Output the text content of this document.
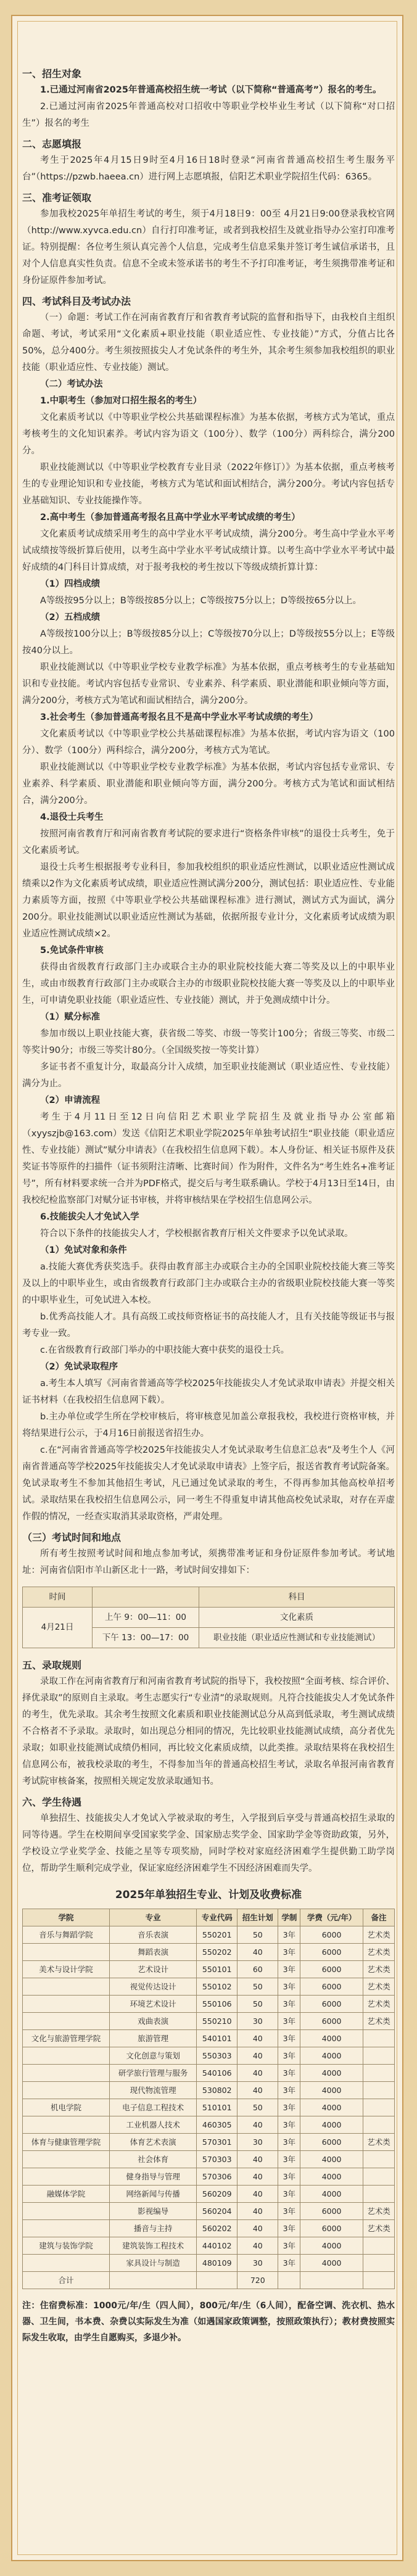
一、招生对象

1.已通过河南省2025年普通高校招生统一考试（以下简称“普通高考”）报名的考生。

2.已通过河南省2025年普通高校对口招收中等职业学校毕业生考试（以下简称“对口招生”）报名的考生

二、志愿填报

考生于2025年4月15日9时至4月16日18时登录“河南省普通高校招生考生服务平台”（https://pzwb.haeea.cn）进行网上志愿填报，信阳艺术职业学院招生代码：6365。

三、准考证领取

参加我校2025年单招生考试的考生，须于4月18日9：00至 4月21日9:00登录我校官网（http://www.xyvca.edu.cn）自行打印准考证，或者到我校招生及就业指导办公室打印准考证。特别提醒：各位考生须认真完善个人信息，完成考生信息采集并签订考生诚信承诺书，且对个人信息真实性负责。信息不全或未签承诺书的考生不予打印准考证，考生须携带准考证和身份证原件参加考试。

四、考试科目及考试办法

（一）命题：考试工作在河南省教育厅和省教育考试院的监督和指导下，由我校自主组织命题、考试，考试采用“文化素质+职业技能（职业适应性、专业技能）”方式，分值占比各50%，总分400分。考生须按照拔尖人才免试条件的考生外，其余考生须参加我校组织的职业技能（职业适应性、专业技能）测试。

（二）考试办法

1.中职考生（参加对口招生报名的考生）

文化素质考试以《中等职业学校公共基础课程标准》为基本依据，考核方式为笔试，重点考核考生的文化知识素养。考试内容为语文（100分）、数学（100分）两科综合，满分200分。

职业技能测试以《中等职业学校教育专业目录（2022年修订）》为基本依据，重点考核考生的专业理论知识和专业技能，考核方式为笔试和面试相结合，满分200分。考试内容包括专业基础知识、专业技能操作等。

2.高中考生（参加普通高考报名且高中学业水平考试成绩的考生）

文化素质考试成绩采用考生的高中学业水平考试成绩，满分200分。考生高中学业水平考试成绩按等级折算后使用，以考生高中学业水平考试成绩计算。以考生高中学业水平考试中最好成绩的4门科目计算成绩，对于报考我校的考生按以下等级成绩折算计算：

（1）四档成绩

A等级按95分以上；B等级按85分以上；C等级按75分以上；D等级按65分以上。

（2）五档成绩

A等级按100分以上；B等级按85分以上；C等级按70分以上；D等级按55分以上；E等级按40分以上。

职业技能测试以《中等职业学校专业教学标准》为基本依据，重点考核考生的专业基础知识和专业技能。考试内容包括专业常识、专业素养、科学素质、职业潜能和职业倾向等方面，满分200分，考核方式为笔试和面试相结合，满分200分。

3.社会考生（参加普通高考报名且不是高中学业水平考试成绩的考生）

文化素质考试以《中等职业学校公共基础课程标准》为基本依据，考试内容为语文（100分）、数学（100分）两科综合，满分200分，考核方式为笔试。

职业技能测试以《中等职业学校专业教学标准》为基本依据，考试内容包括专业常识、专业素养、科学素质、职业潜能和职业倾向等方面，满分200分。考核方式为笔试和面试相结合，满分200分。

4.退役士兵考生

按照河南省教育厅和河南省教育考试院的要求进行“资格条件审核”的退役士兵考生，免于文化素质考试。

退役士兵考生根据报考专业科目，参加我校组织的职业适应性测试，以职业适应性测试成绩乘以2作为文化素质考试成绩，职业适应性测试满分200分，测试包括：职业适应性、专业能力素质等方面，按照《中等职业学校公共基础课程标准》进行测试，测试方式为面试，满分200分。职业技能测试以职业适应性测试为基础，依据所报专业计分，文化素质考试成绩为职业适应性测试成绩×2。

5.免试条件审核

获得由省级教育行政部门主办或联合主办的职业院校技能大赛二等奖及以上的中职毕业生，或由市级教育行政部门主办或联合主办的市级职业院校技能大赛一等奖及以上的中职毕业生，可申请免职业技能（职业适应性、专业技能）测试，并于免测成绩中计分。

（1）赋分标准

参加市级以上职业技能大赛，获省级二等奖、市级一等奖计100分；省级三等奖、市级二等奖计90分；市级三等奖计80分。（全国级奖按一等奖计算）

多证书者不重复计分，取最高分计入成绩，加至职业技能测试（职业适应性、专业技能）满分为止。

（2）申请流程

考生于4月11日至12日向信阳艺术职业学院招生及就业指导办公室邮箱（xyyszjb@163.com）发送《信阳艺术职业学院2025年单独考试招生“职业技能（职业适应性、专业技能）测试”赋分申请表》（在我校招生信息网下载）。本人身份证、相关证书原件及获奖证书等原件的扫描件（证书须附注清晰、比赛时间）作为附件，文件名为“考生姓名+准考证号”，所有材料要求统一合并为PDF格式，提交后与考生联系确认。学校于4月13日至14日，由我校纪检监察部门对赋分证书审核，并将审核结果在学校招生信息网公示。

6.技能拔尖人才免试入学

符合以下条件的技能拔尖人才，学校根据省教育厅相关文件要求予以免试录取。

（1）免试对象和条件

a.技能大赛优秀获奖选手。获得由教育部主办或联合主办的全国职业院校技能大赛三等奖及以上的中职毕业生，或由省级教育行政部门主办或联合主办的省级职业院校技能大赛一等奖的中职毕业生，可免试进入本校。

b.优秀高技能人才。具有高级工或技师资格证书的高技能人才，且有关技能等级证书与报考专业一致。

c.在省级教育行政部门举办的中职技能大赛中获奖的退役士兵。

（2）免试录取程序

a.考生本人填写《河南省普通高等学校2025年技能拔尖人才免试录取申请表》并提交相关证书材料（在我校招生信息网下载）。

b.主办单位或学生所在学校审核后，将审核意见加盖公章报我校，我校进行资格审核，并将结果进行公示，于4月16日前报送省招生办。

c.在“河南省普通高等学校2025年技能拔尖人才免试录取考生信息汇总表”及考生个人《河南省普通高等学校2025年技能拔尖人才免试录取申请表》上签字后，报送省教育考试院备案。免试录取考生不参加其他招生考试，凡已通过免试录取的考生，不得再参加其他高校单招考试。录取结果在我校招生信息网公示，同一考生不得重复申请其他高校免试录取，对存在弄虚作假的情况，一经查实取消其录取资格，严肃处理。

（三）考试时间和地点

所有考生按照考试时间和地点参加考试，须携带准考证和身份证原件参加考试。考试地址：河南省信阳市羊山新区北十一路，考试时间安排如下：

时间		科目
4月21日	上午 9：00—11：00	文化素质
	下午 13：00—17：00	职业技能（职业适应性测试和专业技能测试）
五、录取规则

录取工作在河南省教育厅和河南省教育考试院的指导下，我校按照“全面考核、综合评价、择优录取”的原则自主录取。考生志愿实行“专业清”的录取规则。凡符合技能拔尖人才免试条件的考生，优先录取。其余考生按照文化素质和职业技能测试总分从高到低录取，考生测试成绩不合格者不予录取。录取时，如出现总分相同的情况，先比较职业技能测试成绩，高分者优先录取；如职业技能测试成绩仍相同，再比较文化素质成绩，以此类推。录取结果将在我校招生信息网公布，被我校录取的考生，不得参加当年的普通高校招生考试，录取名单报河南省教育考试院审核备案，按照相关规定发放录取通知书。

六、学生待遇

单独招生、技能拔尖人才免试入学被录取的考生，入学报到后享受与普通高校招生录取的同等待遇。学生在校期间享受国家奖学金、国家励志奖学金、国家助学金等资助政策，另外，学校设立学业奖学金、技能之星等专项奖励，同时学校对家庭经济困难学生提供勤工助学岗位，帮助学生顺利完成学业，保证家庭经济困难学生不因经济困难而失学。

2025年单独招生专业、计划及收费标准
学院	专业	专业代码	招生计划	学制	学费（元/年）	备注
音乐与舞蹈学院	音乐表演	550201	50	3年	6000	艺术类
	舞蹈表演	550202	40	3年	6000	艺术类
美术与设计学院	艺术设计	550101	60	3年	6000	艺术类
	视觉传达设计	550102	50	3年	6000	艺术类
	环境艺术设计	550106	50	3年	6000	艺术类
	戏曲表演	550210	30	3年	6000	艺术类
文化与旅游管理学院	旅游管理	540101	40	3年	4000	
	文化创意与策划	550303	40	3年	4000	
	研学旅行管理与服务	540106	40	3年	4000	
	现代物流管理	530802	40	3年	4000	
机电学院	电子信息工程技术	510101	50	3年	4000	
	工业机器人技术	460305	40	3年	4000	
体育与健康管理学院	体育艺术表演	570301	30	3年	6000	艺术类
	社会体育	570303	40	3年	4000	
	健身指导与管理	570306	40	3年	4000	
融媒体学院	网络新闻与传播	560209	40	3年	4000	
	影视编导	560204	40	3年	6000	艺术类
	播音与主持	560202	40	3年	6000	艺术类
建筑与装饰学院	建筑装饰工程技术	440102	40	3年	4000	
	家具设计与制造	480109	30	3年	4000	
合计			720			
注：住宿费标准：1000元/年/生（四人间），800元/年/生（6人间），配备空调、洗衣机、热水器、卫生间，书本费、杂费以实际发生为准（如遇国家政策调整，按照政策执行）；教材费按照实际发生收取，由学生自愿购买，多退少补。
